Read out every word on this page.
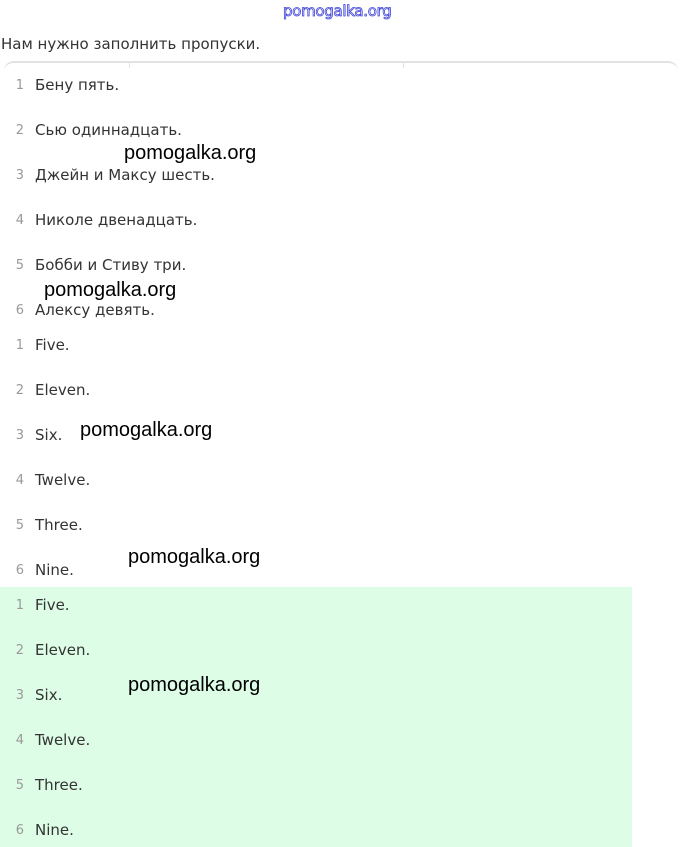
pomogalka.org
Нам нужно заполнить пропуски.
1 Бену пять.
2 Сью одиннадцать.
3 Джейн и Максу шесть.
4 Николе двенадцать.
5 Бобби и Стиву три.
6 Алексу девять.
1 Five.
2 Eleven.
3 Six.
4 Twelve.
5 Three.
6 Nine.
1 Five.
2 Eleven.
3 Six.
4 Twelve.
5 Three.
6 Nine.
pomogalka.org
pomogalka.org
pomogalka.org
pomogalka.org
pomogalka.org
